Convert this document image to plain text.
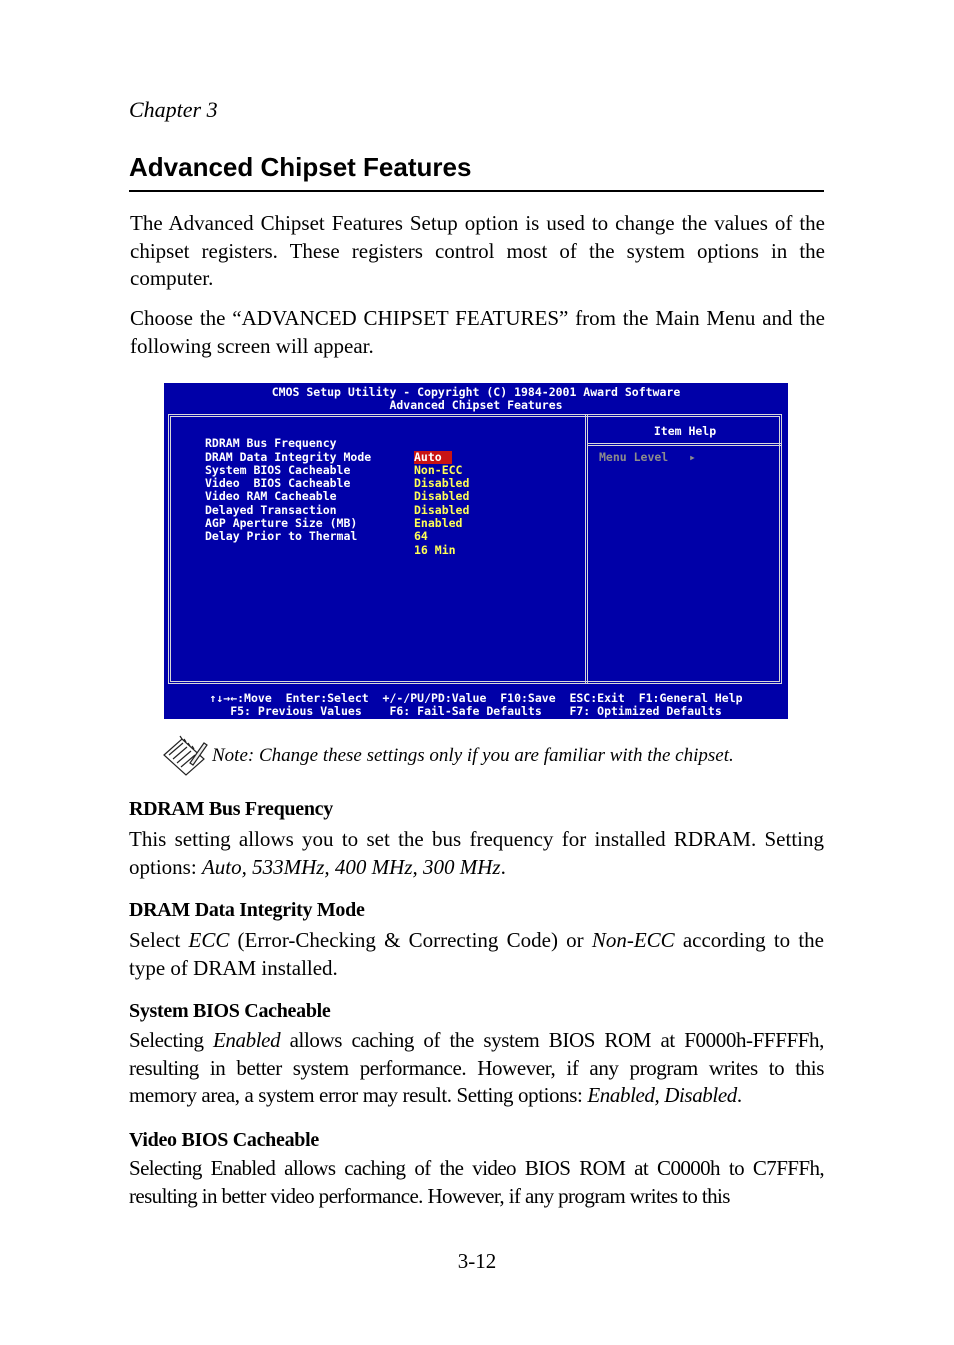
Chapter 3
Advanced Chipset Features
The Advanced Chipset Features Setup option is used to change the values of the chipset registers. These registers control most of the system options in the computer.
Choose the “ADVANCED CHIPSET FEATURES” from the Main Menu and the following screen will appear.
CMOS Setup Utility - Copyright (C) 1984-2001 Award Software
Advanced Chipset Features
Item Help
Menu Level   ▸

RDRAM Bus Frequency

Auto

DRAM Data Integrity Mode

Non-ECC

System BIOS Cacheable

Disabled

Video  BIOS Cacheable

Disabled

Video RAM Cacheable

Disabled

Delayed Transaction

Enabled

AGP Aperture Size (MB)

64

Delay Prior to Thermal

16 Min

↑↓→←:Move  Enter:Select  +/-/PU/PD:Value  F10:Save  ESC:Exit  F1:General Help
F5: Previous Values    F6: Fail-Safe Defaults    F7: Optimized Defaults
Note: Change these settings only if you are familiar with the chipset.
RDRAM Bus Frequency
This setting allows you to set the bus frequency for installed RDRAM. Setting options: Auto, 533MHz, 400 MHz, 300 MHz.
DRAM Data Integrity Mode
Select ECC (Error-Checking & Correcting Code) or Non-ECC according to the type of DRAM installed.
System BIOS Cacheable
Selecting Enabled allows caching of the system BIOS ROM at F0000h-FFFFFh, resulting in better system performance. However, if any program writes to this memory area, a system error may result. Setting options: Enabled, Disabled.
Video BIOS Cacheable
Selecting Enabled allows caching of the video BIOS ROM at C0000h to C7FFFh, resulting in better video performance. However, if any program writes to this
3-12
